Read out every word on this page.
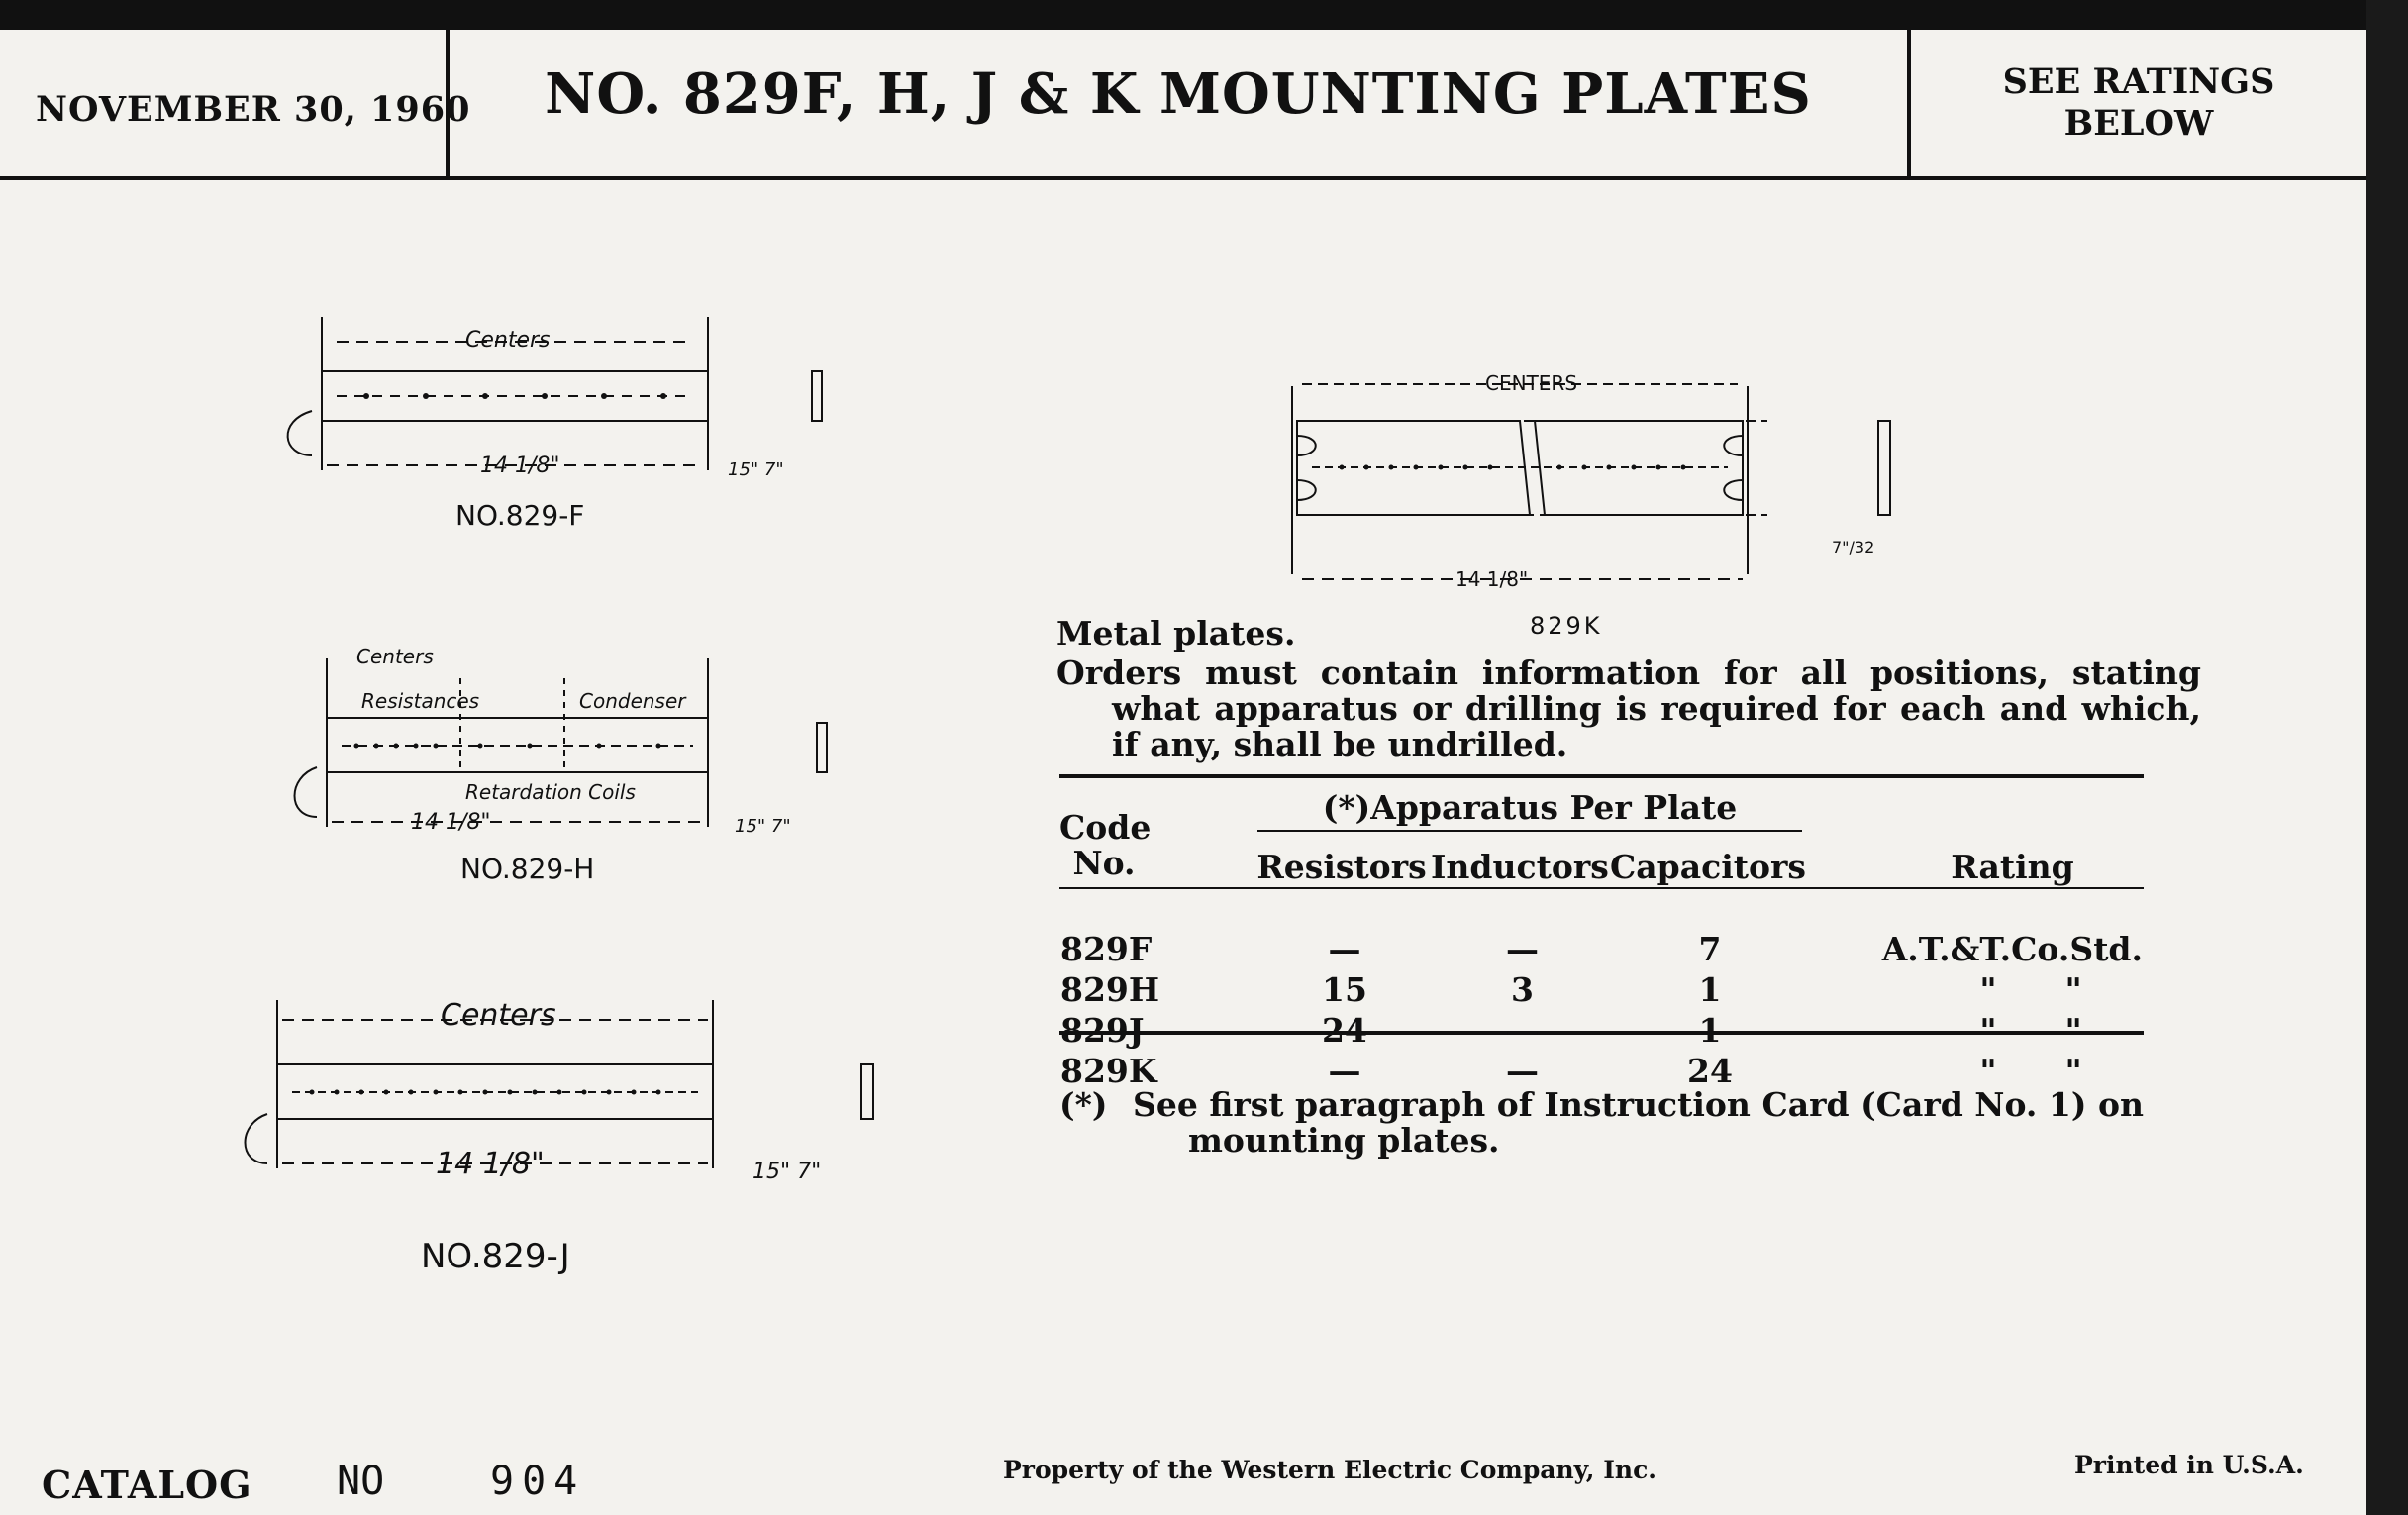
NOVEMBER 30, 1960	NO. 829F, H, J & K MOUNTING PLATES	SEE RATINGS
BELOW
Centers
14 1/8"	15" 7"
NO.829-F
Centers
Resistances	Condenser
Retardation Coils
14 1/8"	15" 7"
NO.829-H
Centers
14 1/8"	15" 7"
NO.829-J
CENTERS
14 1/8"
7"/32
829K
Metal plates.
Orders must contain information for all positions, stating what apparatus or drilling is required for each and which, if any, shall be undrilled.
(*)Apparatus Per Plate
Code
No.	Resistors Inductors Capacitors	Rating
829F	—	—	7	A.T.&T.Co.Std.
829H	15	3	1	"      "
829J	24	—	1	"      "
829K	—	—	24	"      "
(*) See first paragraph of Instruction Card (Card No. 1) on mounting plates.
CATALOG NO	904	Property of the Western Electric Company, Inc.	Printed in U.S.A.
